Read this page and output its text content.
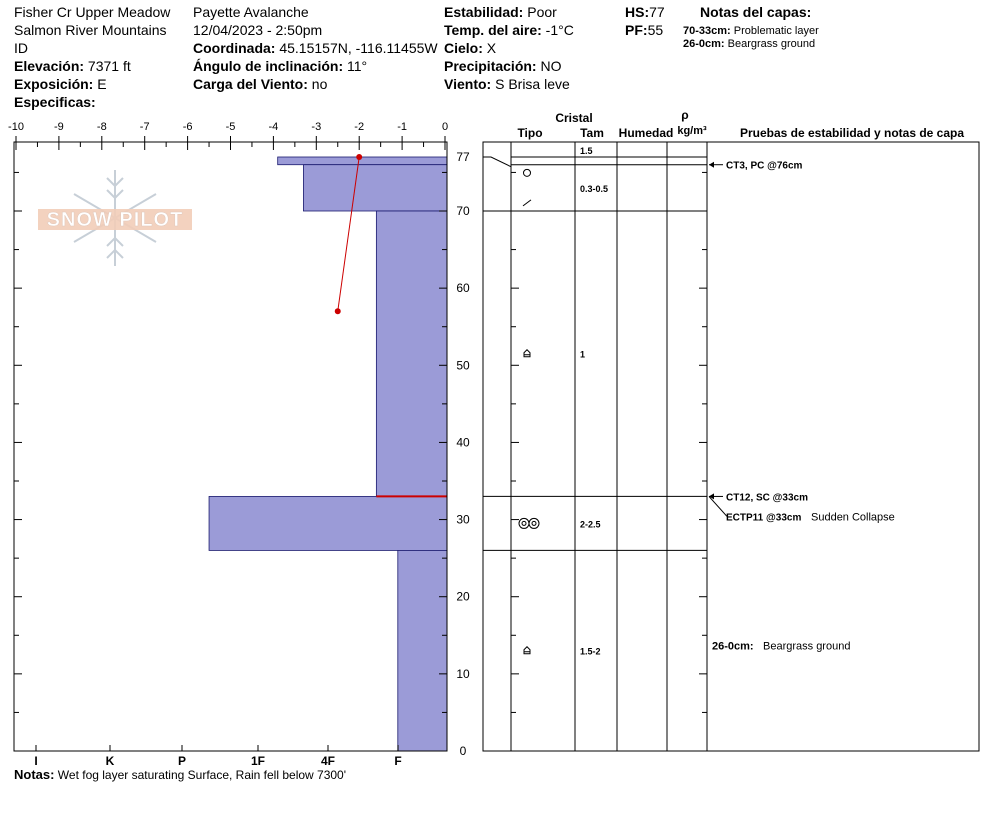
Fisher Cr Upper Meadow
Salmon River Mountains
ID
Elevación: 7371 ft
Exposición: E
Especificas:
Payette Avalanche
12/04/2023 - 2:50pm
Coordinada: 45.15157N, -116.11455W
Ángulo de inclinación: 11°
Carga del Viento: no
Estabilidad: Poor
Temp. del aire: -1°C
Cielo: X
Precipitación: NO
Viento: S Brisa leve
HS:77
PF:55
Notas del capas:
70-33cm: Problematic layer
26-0cm: Beargrass ground
Notas: Wet fog layer saturating Surface, Rain fell below 7300'
SNOW PILOT
-10	-9	-8	-7	-6	-5	-4	-3	-2	-1	0
0
10
20
30
40
50
60
70
77
I	K	P	1F	4F	F
Cristal
Tipo	Tam Humedad
ρ
kg/m³	Pruebas de estabilidad y notas de capa
1.5
0.3-0.5
1
2-2.5
1.5-2
CT3, PC @76cm
CT12, SC @33cm
ECTP11 @33cm Sudden Collapse
26-0cm: Beargrass ground
